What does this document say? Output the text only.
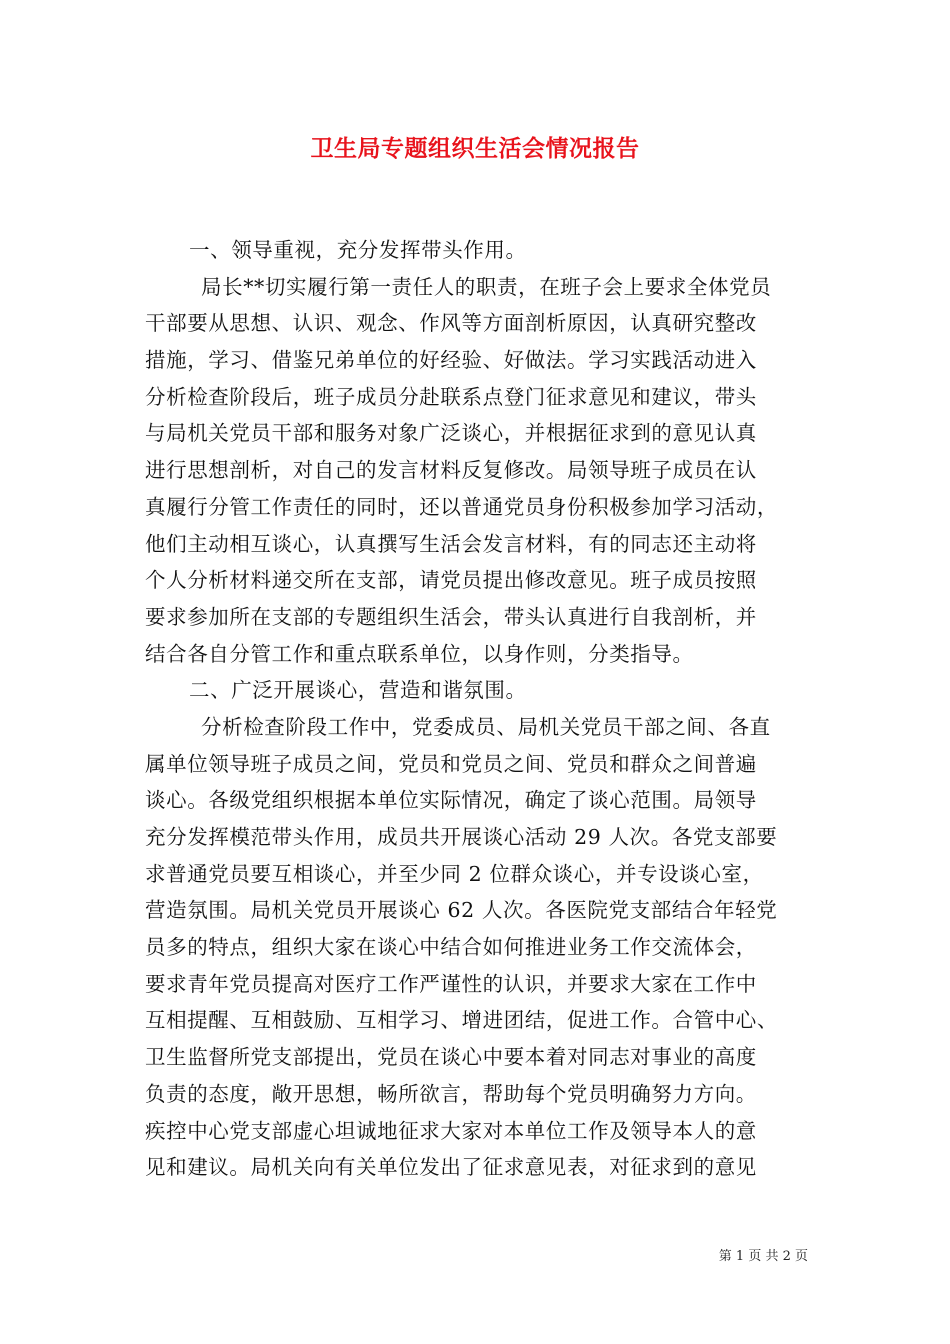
卫生局专题组织生活会情况报告
一、领导重视，充分发挥带头作用。
局长**切实履行第一责任人的职责，在班子会上要求全体党员
干部要从思想、认识、观念、作风等方面剖析原因，认真研究整改
措施，学习、借鉴兄弟单位的好经验、好做法。学习实践活动进入
分析检查阶段后，班子成员分赴联系点登门征求意见和建议，带头
与局机关党员干部和服务对象广泛谈心，并根据征求到的意见认真
进行思想剖析，对自己的发言材料反复修改。局领导班子成员在认
真履行分管工作责任的同时，还以普通党员身份积极参加学习活动，
他们主动相互谈心，认真撰写生活会发言材料，有的同志还主动将
个人分析材料递交所在支部，请党员提出修改意见。班子成员按照
要求参加所在支部的专题组织生活会，带头认真进行自我剖析，并
结合各自分管工作和重点联系单位，以身作则，分类指导。
二、广泛开展谈心，营造和谐氛围。
分析检查阶段工作中，党委成员、局机关党员干部之间、各直
属单位领导班子成员之间，党员和党员之间、党员和群众之间普遍
谈心。各级党组织根据本单位实际情况，确定了谈心范围。局领导
充分发挥模范带头作用，成员共开展谈心活动 29 人次。各党支部要
求普通党员要互相谈心，并至少同 2 位群众谈心，并专设谈心室，
营造氛围。局机关党员开展谈心 62 人次。各医院党支部结合年轻党
员多的特点，组织大家在谈心中结合如何推进业务工作交流体会，
要求青年党员提高对医疗工作严谨性的认识，并要求大家在工作中
互相提醒、互相鼓励、互相学习、增进团结，促进工作。合管中心、
卫生监督所党支部提出，党员在谈心中要本着对同志对事业的高度
负责的态度，敞开思想，畅所欲言，帮助每个党员明确努力方向。
疾控中心党支部虚心坦诚地征求大家对本单位工作及领导本人的意
见和建议。局机关向有关单位发出了征求意见表，对征求到的意见
第 1 页 共 2 页
